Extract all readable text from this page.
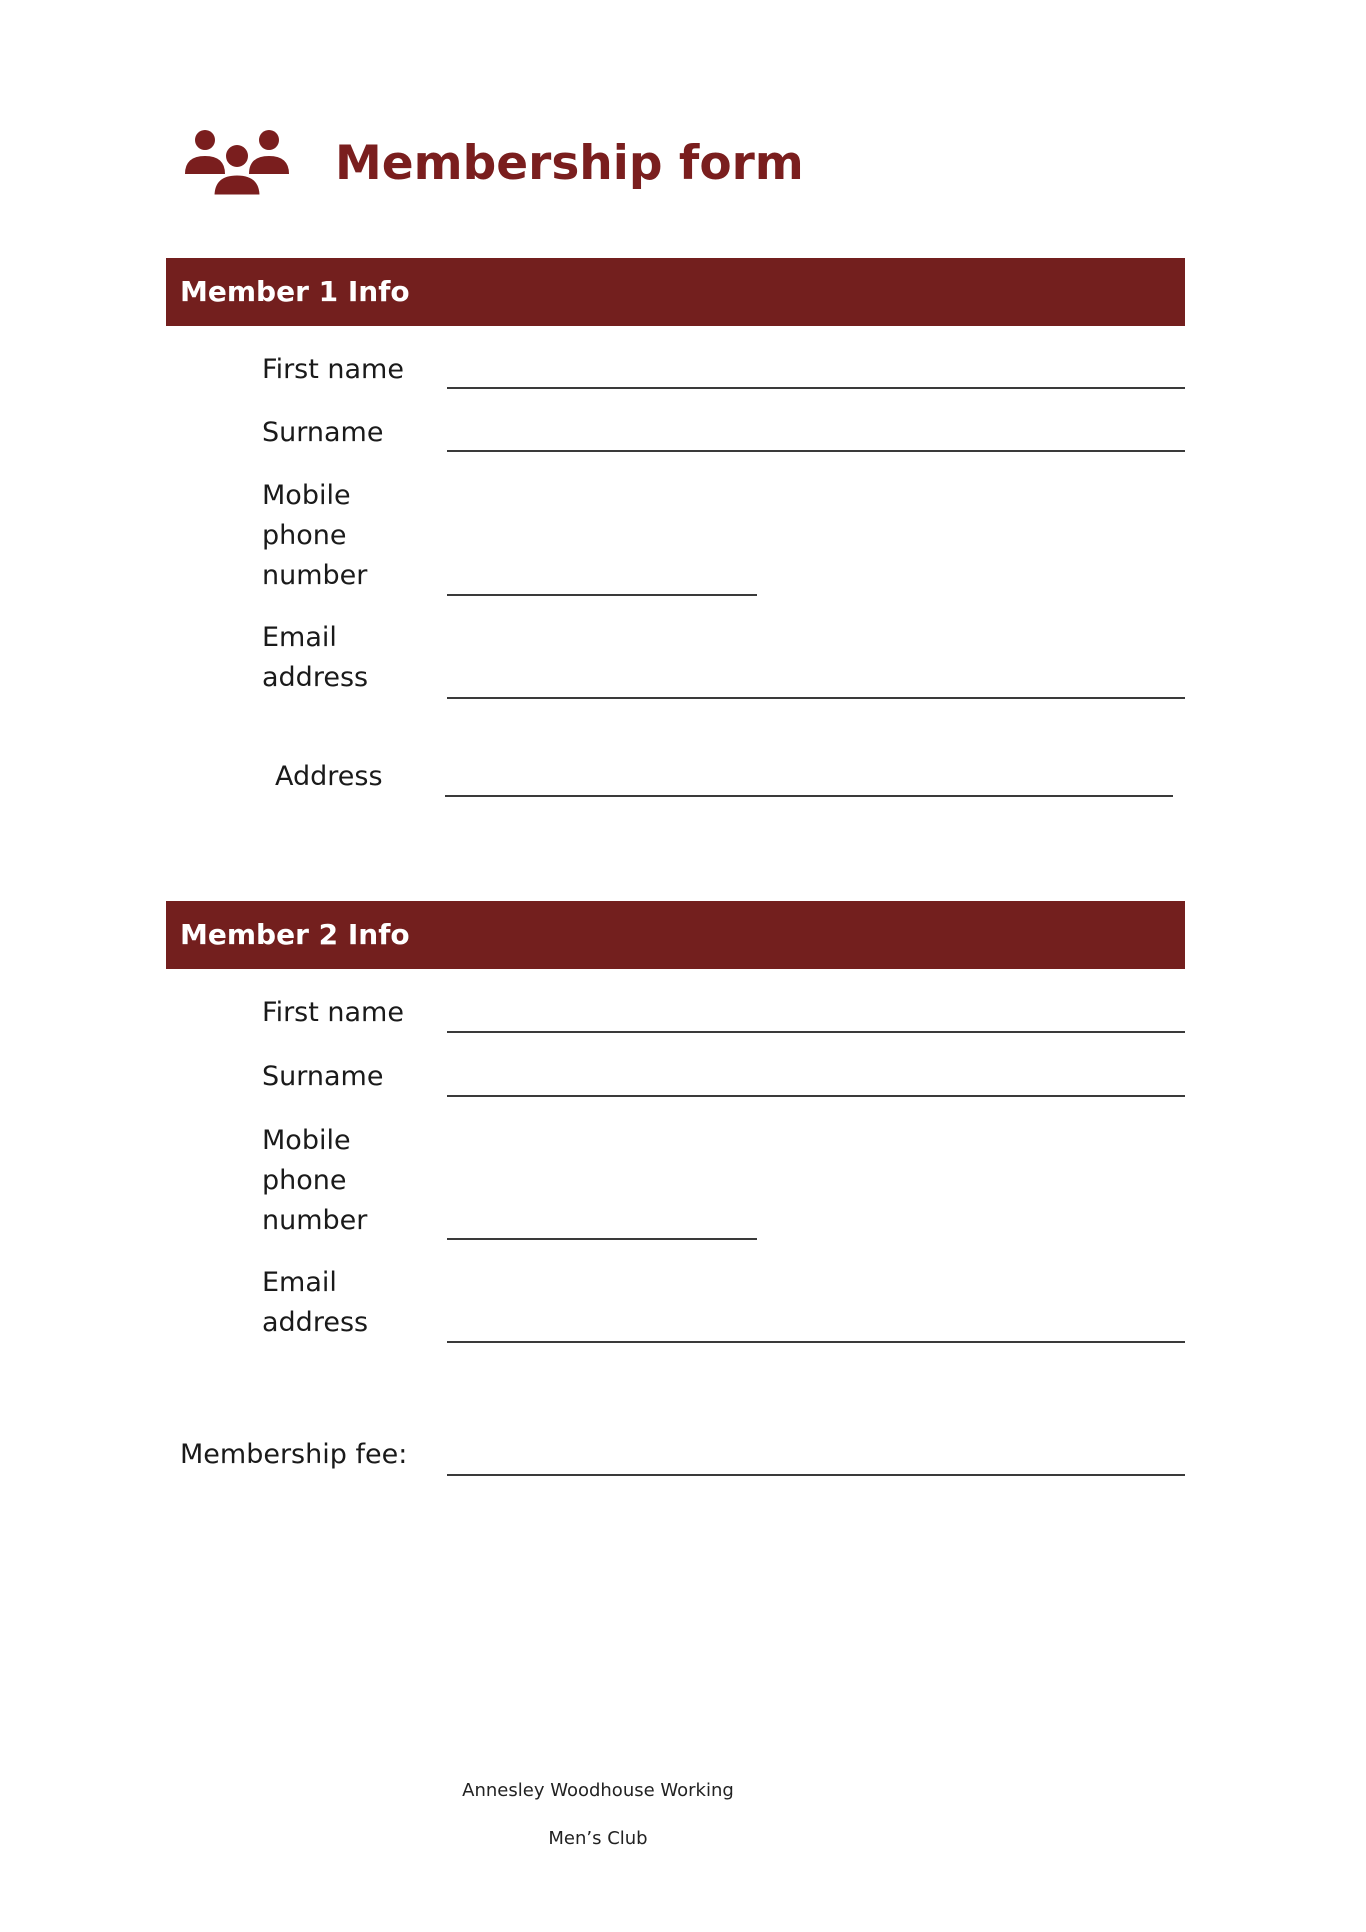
Membership form
Member 1 Info
First name
Surname
Mobile
phone
number
Email
address
Address
Member 2 Info
First name
Surname
Mobile
phone
number
Email
address
Membership fee:
Annesley Woodhouse Working
Men’s Club
